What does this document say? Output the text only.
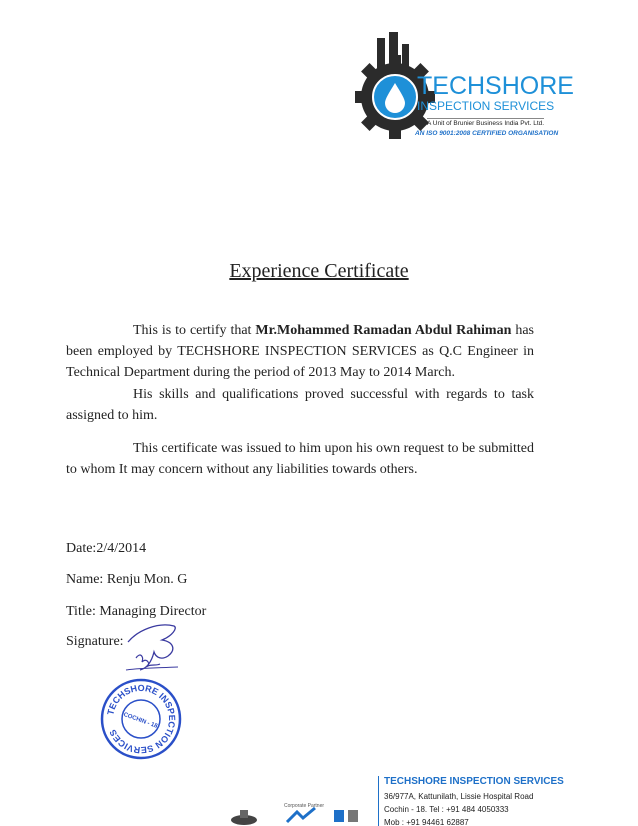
TECHSHORE
INSPECTION SERVICES
A Unit of Brunier Business India Pvt. Ltd.
AN ISO 9001:2008 CERTIFIED ORGANISATION
Experience Certificate
This is to certify that Mr.Mohammed Ramadan Abdul Rahiman has been employed by TECHSHORE INSPECTION SERVICES as Q.C Engineer in Technical Department during the period of 2013 May to 2014 March.
His skills and qualifications proved successful with regards to task assigned to him.
This certificate was issued to him upon his own request to be submitted to whom It may concern without any liabilities towards others.
Date:2/4/2014
Name: Renju Mon. G
Title: Managing Director
Signature:
TECHSHORE INSPECTION SERVICES
COCHIN - 18
Corporate Partner
TECHSHORE INSPECTION SERVICES
36/977A, Kattunilath, Lissie Hospital Road
Cochin - 18. Tel : +91 484 4050333
Mob : +91 94461 62887
